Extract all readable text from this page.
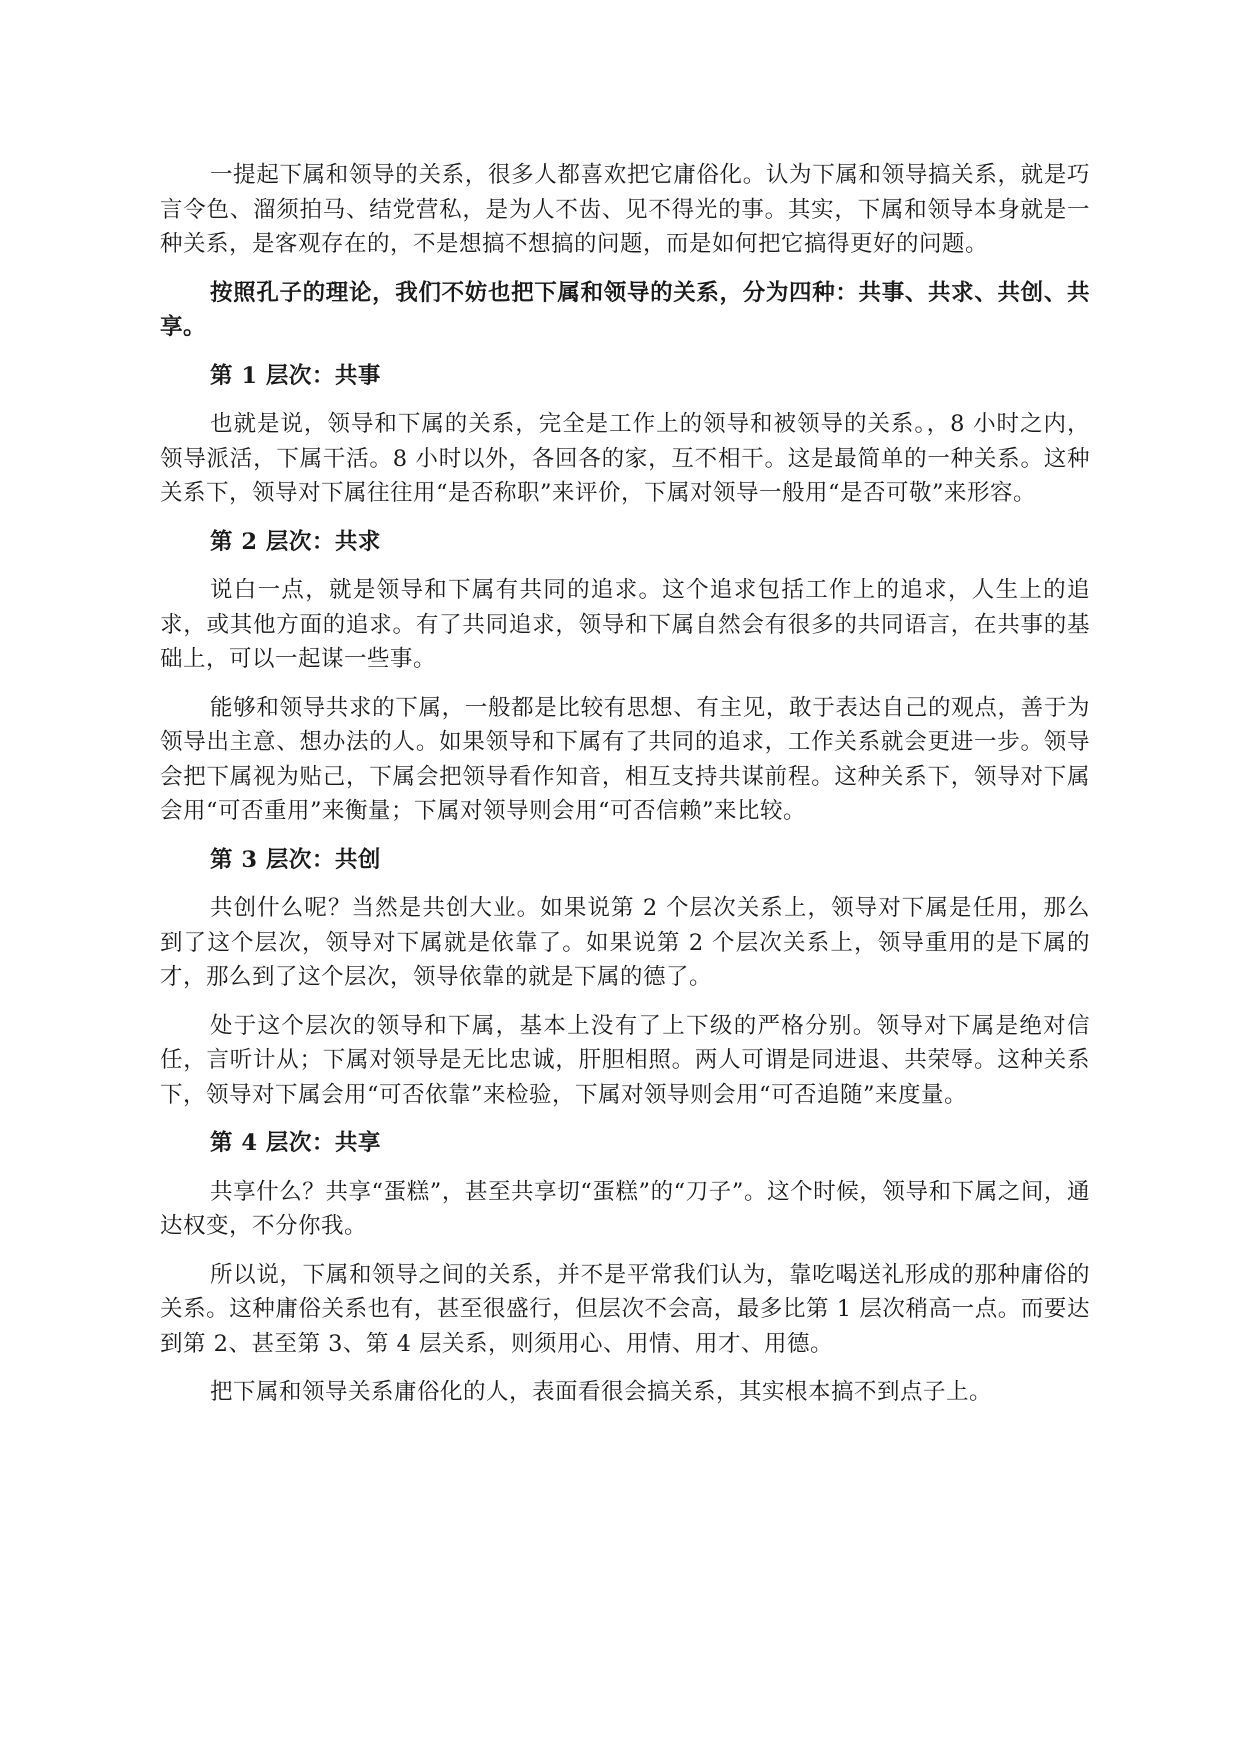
一提起下属和领导的关系，很多人都喜欢把它庸俗化。认为下属和领导搞关系，就是巧言令色、溜须拍马、结党营私，是为人不齿、见不得光的事。其实，下属和领导本身就是一种关系，是客观存在的，不是想搞不想搞的问题，而是如何把它搞得更好的问题。

按照孔子的理论，我们不妨也把下属和领导的关系，分为四种：共事、共求、共创、共享。

第 1 层次：共事

也就是说，领导和下属的关系，完全是工作上的领导和被领导的关系。，8 小时之内，领导派活，下属干活。8 小时以外，各回各的家，互不相干。这是最简单的一种关系。这种关系下，领导对下属往往用“是否称职”来评价，下属对领导一般用“是否可敬”来形容。

第 2 层次：共求

说白一点，就是领导和下属有共同的追求。这个追求包括工作上的追求，人生上的追求，或其他方面的追求。有了共同追求，领导和下属自然会有很多的共同语言，在共事的基础上，可以一起谋一些事。

能够和领导共求的下属，一般都是比较有思想、有主见，敢于表达自己的观点，善于为领导出主意、想办法的人。如果领导和下属有了共同的追求，工作关系就会更进一步。领导会把下属视为贴己，下属会把领导看作知音，相互支持共谋前程。这种关系下，领导对下属会用“可否重用”来衡量；下属对领导则会用“可否信赖”来比较。

第 3 层次：共创

共创什么呢？当然是共创大业。如果说第 2 个层次关系上，领导对下属是任用，那么到了这个层次，领导对下属就是依靠了。如果说第 2 个层次关系上，领导重用的是下属的才，那么到了这个层次，领导依靠的就是下属的德了。

处于这个层次的领导和下属，基本上没有了上下级的严格分别。领导对下属是绝对信任，言听计从；下属对领导是无比忠诚，肝胆相照。两人可谓是同进退、共荣辱。这种关系下，领导对下属会用“可否依靠”来检验，下属对领导则会用“可否追随”来度量。

第 4 层次：共享

共享什么？共享“蛋糕”，甚至共享切“蛋糕”的“刀子”。这个时候，领导和下属之间，通达权变，不分你我。

所以说，下属和领导之间的关系，并不是平常我们认为，靠吃喝送礼形成的那种庸俗的关系。这种庸俗关系也有，甚至很盛行，但层次不会高，最多比第 1 层次稍高一点。而要达到第 2、甚至第 3、第 4 层关系，则须用心、用情、用才、用德。

把下属和领导关系庸俗化的人，表面看很会搞关系，其实根本搞不到点子上。
